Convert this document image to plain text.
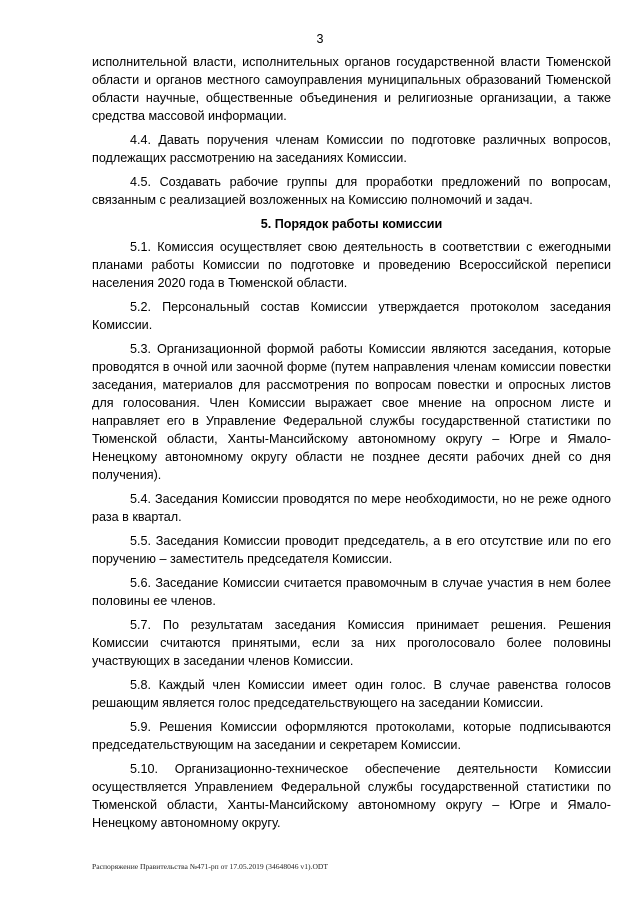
3

исполнительной власти, исполнительных органов государственной власти Тюменской области и органов местного самоуправления муниципальных образований Тюменской области научные, общественные объединения и религиозные организации, а также средства массовой информации.

4.4. Давать поручения членам Комиссии по подготовке различных вопросов, подлежащих рассмотрению на заседаниях Комиссии.

4.5. Создавать рабочие группы для проработки предложений по вопросам, связанным с реализацией возложенных на Комиссию полномочий и задач.

5. Порядок работы комиссии

5.1. Комиссия осуществляет свою деятельность в соответствии с ежегодными планами работы Комиссии по подготовке и проведению Всероссийской переписи населения 2020 года в Тюменской области.

5.2. Персональный состав Комиссии утверждается протоколом заседания Комиссии.

5.3. Организационной формой работы Комиссии являются заседания, которые проводятся в очной или заочной форме (путем направления членам комиссии повестки заседания, материалов для рассмотрения по вопросам повестки и опросных листов для голосования. Член Комиссии выражает свое мнение на опросном листе и направляет его в Управление Федеральной службы государственной статистики по Тюменской области, Ханты-Мансийскому автономному округу – Югре и Ямало-Ненецкому автономному округу области не позднее десяти рабочих дней со дня получения).

5.4. Заседания Комиссии проводятся по мере необходимости, но не реже одного раза в квартал.

5.5. Заседания Комиссии проводит председатель, а в его отсутствие или по его поручению – заместитель председателя Комиссии.

5.6. Заседание Комиссии считается правомочным в случае участия в нем более половины ее членов.

5.7. По результатам заседания Комиссия принимает решения. Решения Комиссии считаются принятыми, если за них проголосовало более половины участвующих в заседании членов Комиссии.

5.8. Каждый член Комиссии имеет один голос. В случае равенства голосов решающим является голос председательствующего на заседании Комиссии.

5.9. Решения Комиссии оформляются протоколами, которые подписываются председательствующим на заседании и секретарем Комиссии.

5.10. Организационно-техническое обеспечение деятельности Комиссии осуществляется Управлением Федеральной службы государственной статистики по Тюменской области, Ханты-Мансийскому автономному округу – Югре и Ямало-Ненецкому автономному округу.

Распоряжение Правительства №471-рп от 17.05.2019 (34648046 v1).ODT
